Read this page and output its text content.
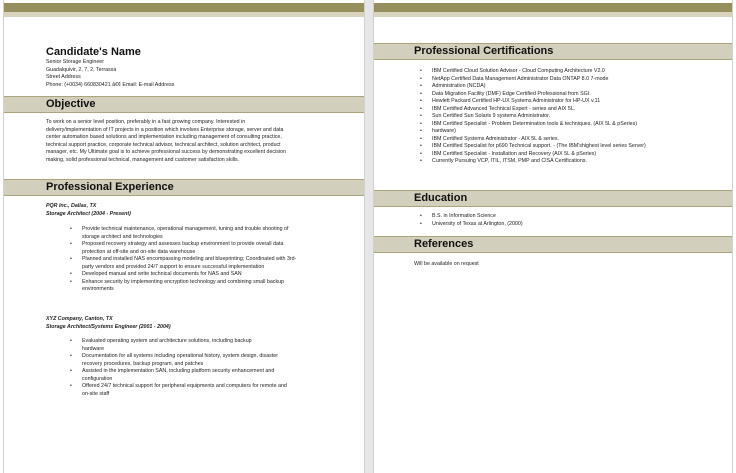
Candidate's Name
Senior Storage Engineer
Guadalquivir, 2, 7, 2, Terrassa
Street Address
Phone: (+0034) 660830421 â€¢ Email: E-mail Address
Objective
To work on a senior level position, preferably in a fast growing company. Interested in
delivery/implementation of IT projects in a position which involves Enterprise storage, server and data
center automation based solutions and implementation including management of consulting practice,
technical support practice, corporate technical advisor, technical architect, solution architect, product
manager, etc. My Ultimate goal is to achieve professional success by demonstrating excellent decision
making, solid professional technical, management and customer satisfaction skills.
Professional Experience
PQR Inc., Dallas, TX
Storage Architect (2004 - Present)
• Provide technical maintenance, operational management, tuning and trouble shooting of
storage architect and technologies
• Proposed recovery strategy and assesses backup environment to provide overall data
protection at off-site and on-site data warehouse
• Planned and installed NAS encompassing modeling and blueprinting; Coordinated with 3rd-
party vendors and provided 24/7 support to ensure successful implementation
• Developed manual and write technical documents for NAS and SAN
• Enhance security by implementing encryption technology and combining small backup
environments
XYZ Company, Canton, TX
Storage Architect/Systems Engineer (2001 - 2004)
• Evaluated operating system and architecture solutions, including backup
hardware
• Documentation for all systems including operational history, system design, disaster
recovery procedures, backup program, and patches
• Assisted in the implementation SAN, including platform security enhancement and
configuration
• Offered 24/7 technical support for peripheral equipments and computers for remote and
on-site staff
Professional Certifications
• IBM Certified Cloud Solution Advisor - Cloud Computing Architecture V2.0
• NetApp Certified Data Management Administrator Data ONTAP 8.0 7-mode
• Administration (NCDA)
• Data Migration Facility (DMF) Edge Certified Professional from SGI.
• Hewlett Packard Certified HP-UX Systems Administrator for HP-UX v.11
• IBM Certified Advanced Technical Expert - series and AIX 5L.
• Sun Certified Sun Solaris 9 systems Administrator.
• IBM Certified Specialist - Problem Determination tools & techniques. (AIX 5L & pSeries)
• hardware)
• IBM Certified Systems Administrator - AIX 5L & series.
• IBM Certified Specialist for p690 Technical support. - (The IBM'shighest level series Server)
• IBM Certified Specialist - Installation and Recovery (AIX 5L & pSeries)
• Currently Pursuing VCP, ITIL, ITSM, PMP and CISA Certifications.
Education
• B.S. in Information Science
• University of Texas at Arlington, (2000)
References
Will be available on request
